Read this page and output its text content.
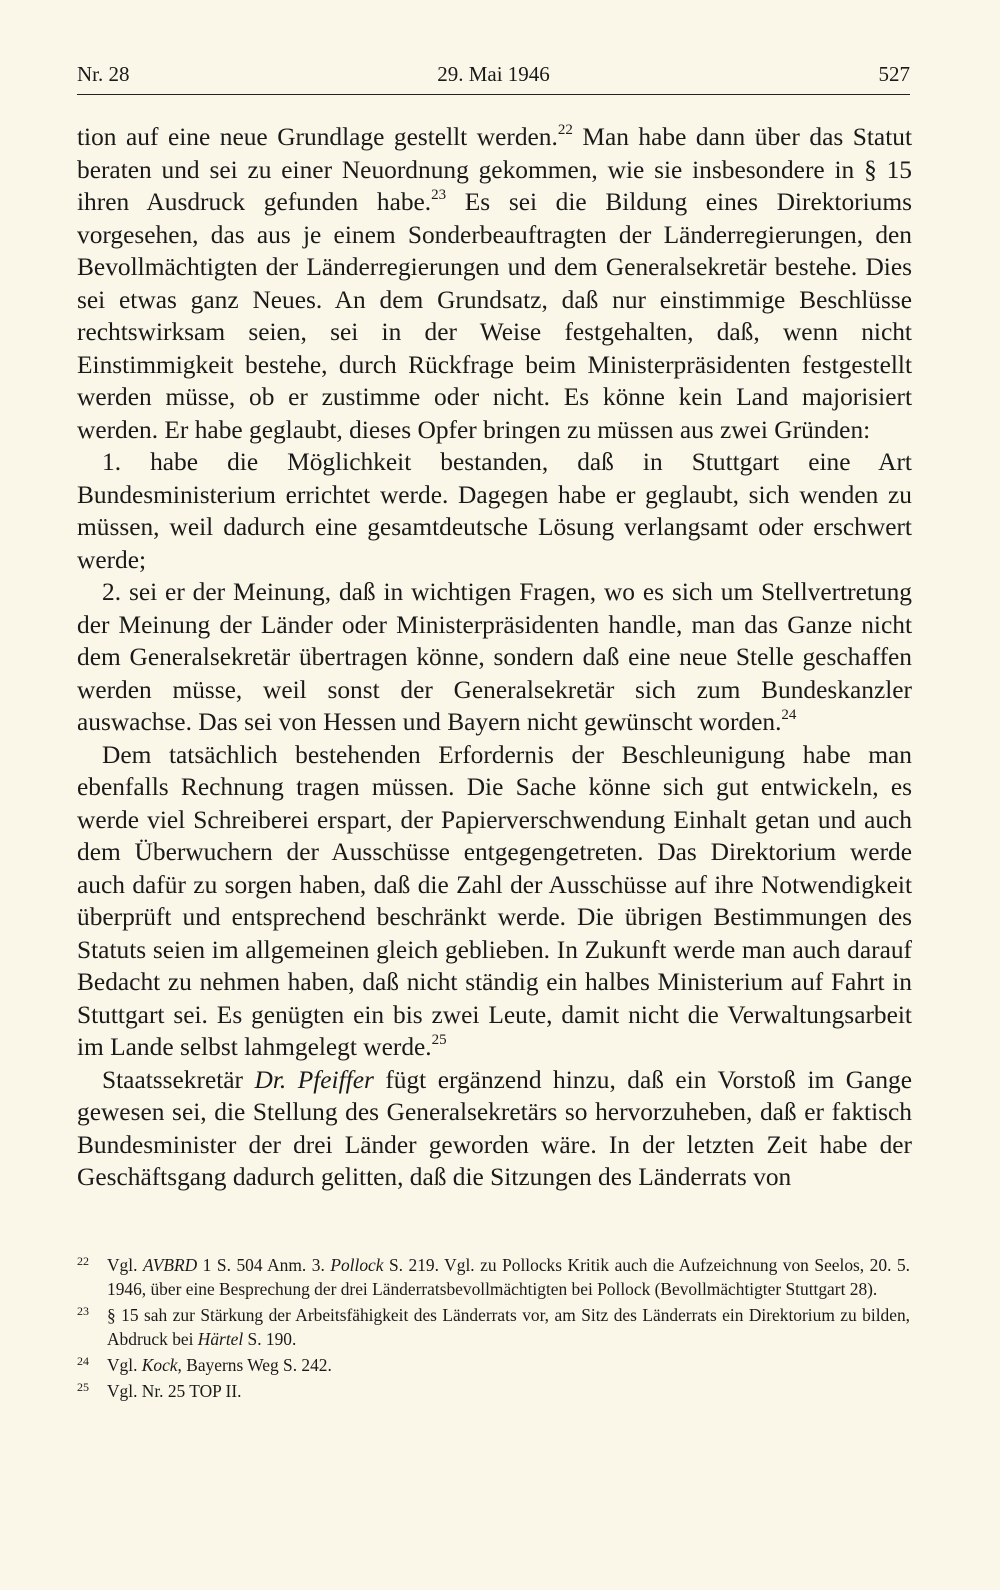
Nr. 28	29. Mai 1946	527

tion auf eine neue Grundlage gestellt werden.$^{22}$ Man habe dann über das Statut beraten und sei zu einer Neuordnung gekommen, wie sie insbesondere in § 15 ihren Ausdruck gefunden habe.$^{23}$ Es sei die Bildung eines Direktoriums vorgesehen, das aus je einem Sonderbeauftragten der Länderregierungen, den Bevollmächtigten der Länderregierungen und dem Generalsekretär bestehe. Dies sei etwas ganz Neues. An dem Grundsatz, daß nur einstimmige Beschlüsse rechtswirksam seien, sei in der Weise festgehalten, daß, wenn nicht Einstimmigkeit bestehe, durch Rückfrage beim Ministerpräsidenten festgestellt werden müsse, ob er zustimme oder nicht. Es könne kein Land majorisiert werden. Er habe geglaubt, dieses Opfer bringen zu müssen aus zwei Gründen:

1. habe die Möglichkeit bestanden, daß in Stuttgart eine Art Bundesministerium errichtet werde. Dagegen habe er geglaubt, sich wenden zu müssen, weil dadurch eine gesamtdeutsche Lösung verlangsamt oder erschwert werde;

2. sei er der Meinung, daß in wichtigen Fragen, wo es sich um Stellvertretung der Meinung der Länder oder Ministerpräsidenten handle, man das Ganze nicht dem Generalsekretär übertragen könne, sondern daß eine neue Stelle geschaffen werden müsse, weil sonst der Generalsekretär sich zum Bundeskanzler auswachse. Das sei von Hessen und Bayern nicht gewünscht worden.$^{24}$

Dem tatsächlich bestehenden Erfordernis der Beschleunigung habe man ebenfalls Rechnung tragen müssen. Die Sache könne sich gut entwickeln, es werde viel Schreiberei erspart, der Papierverschwendung Einhalt getan und auch dem Überwuchern der Ausschüsse entgegengetreten. Das Direktorium werde auch dafür zu sorgen haben, daß die Zahl der Ausschüsse auf ihre Notwendigkeit überprüft und entsprechend beschränkt werde. Die übrigen Bestimmungen des Statuts seien im allgemeinen gleich geblieben. In Zukunft werde man auch darauf Bedacht zu nehmen haben, daß nicht ständig ein halbes Ministerium auf Fahrt in Stuttgart sei. Es genügten ein bis zwei Leute, damit nicht die Verwaltungsarbeit im Lande selbst lahmgelegt werde.$^{25}$

Staatssekretär Dr. Pfeiffer fügt ergänzend hinzu, daß ein Vorstoß im Gange gewesen sei, die Stellung des Generalsekretärs so hervorzuheben, daß er faktisch Bundesminister der drei Länder geworden wäre. In der letzten Zeit habe der Geschäftsgang dadurch gelitten, daß die Sitzungen des Länderrats von

22 Vgl. AVBRD 1 S. 504 Anm. 3. Pollock S. 219. Vgl. zu Pollocks Kritik auch die Aufzeichnung von Seelos, 20. 5. 1946, über eine Besprechung der drei Länderratsbevollmächtigten bei Pollock (Bevollmächtigter Stuttgart 28).
23 § 15 sah zur Stärkung der Arbeitsfähigkeit des Länderrats vor, am Sitz des Länderrats ein Direktorium zu bilden, Abdruck bei Härtel S. 190.
24 Vgl. Kock, Bayerns Weg S. 242.
25 Vgl. Nr. 25 TOP II.
